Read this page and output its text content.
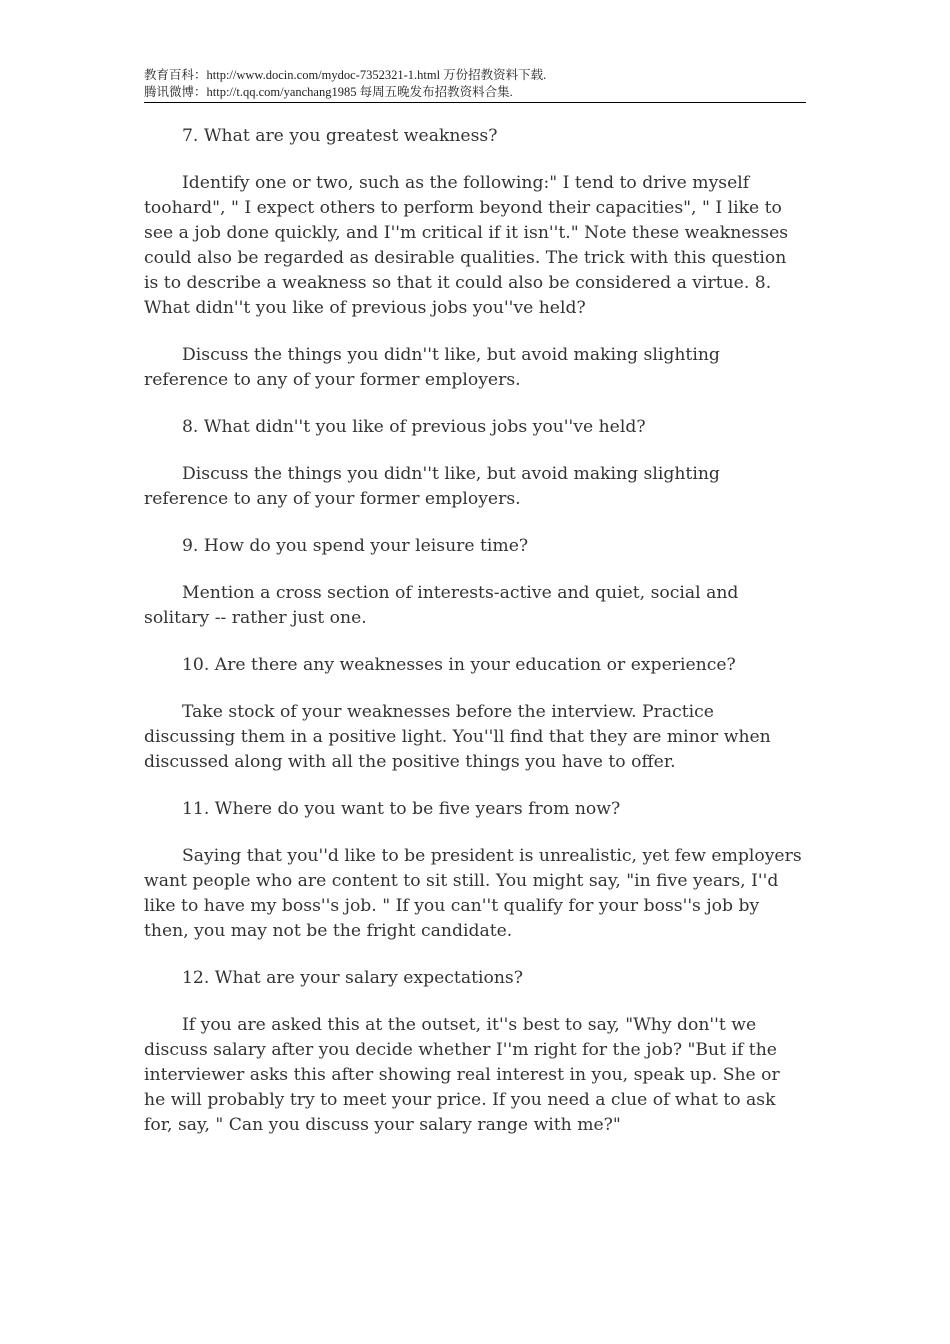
教育百科：http://www.docin.com/mydoc-7352321-1.html 万份招教资料下载.
腾讯微博：http://t.qq.com/yanchang1985 每周五晚发布招教资料合集.

7. What are you greatest weakness?

Identify one or two, such as the following:" I tend to drive myself toohard", " I expect others to perform beyond their capacities", " I like to see a job done quickly, and I''m critical if it isn''t." Note these weaknesses could also be regarded as desirable qualities. The trick with this question is to describe a weakness so that it could also be considered a virtue. 8. What didn''t you like of previous jobs you''ve held?

Discuss the things you didn''t like, but avoid making slighting reference to any of your former employers.

8. What didn''t you like of previous jobs you''ve held?

Discuss the things you didn''t like, but avoid making slighting reference to any of your former employers.

9. How do you spend your leisure time?

Mention a cross section of interests-active and quiet, social and solitary -- rather just one.

10. Are there any weaknesses in your education or experience?

Take stock of your weaknesses before the interview. Practice discussing them in a positive light. You''ll find that they are minor when discussed along with all the positive things you have to offer.

11. Where do you want to be five years from now?

Saying that you''d like to be president is unrealistic, yet few employers want people who are content to sit still. You might say, "in five years, I''d like to have my boss''s job. " If you can''t qualify for your boss''s job by then, you may not be the fright candidate.

12. What are your salary expectations?

If you are asked this at the outset, it''s best to say, "Why don''t we discuss salary after you decide whether I''m right for the job? "But if the interviewer asks this after showing real interest in you, speak up. She or he will probably try to meet your price. If you need a clue of what to ask for, say, " Can you discuss your salary range with me?"
